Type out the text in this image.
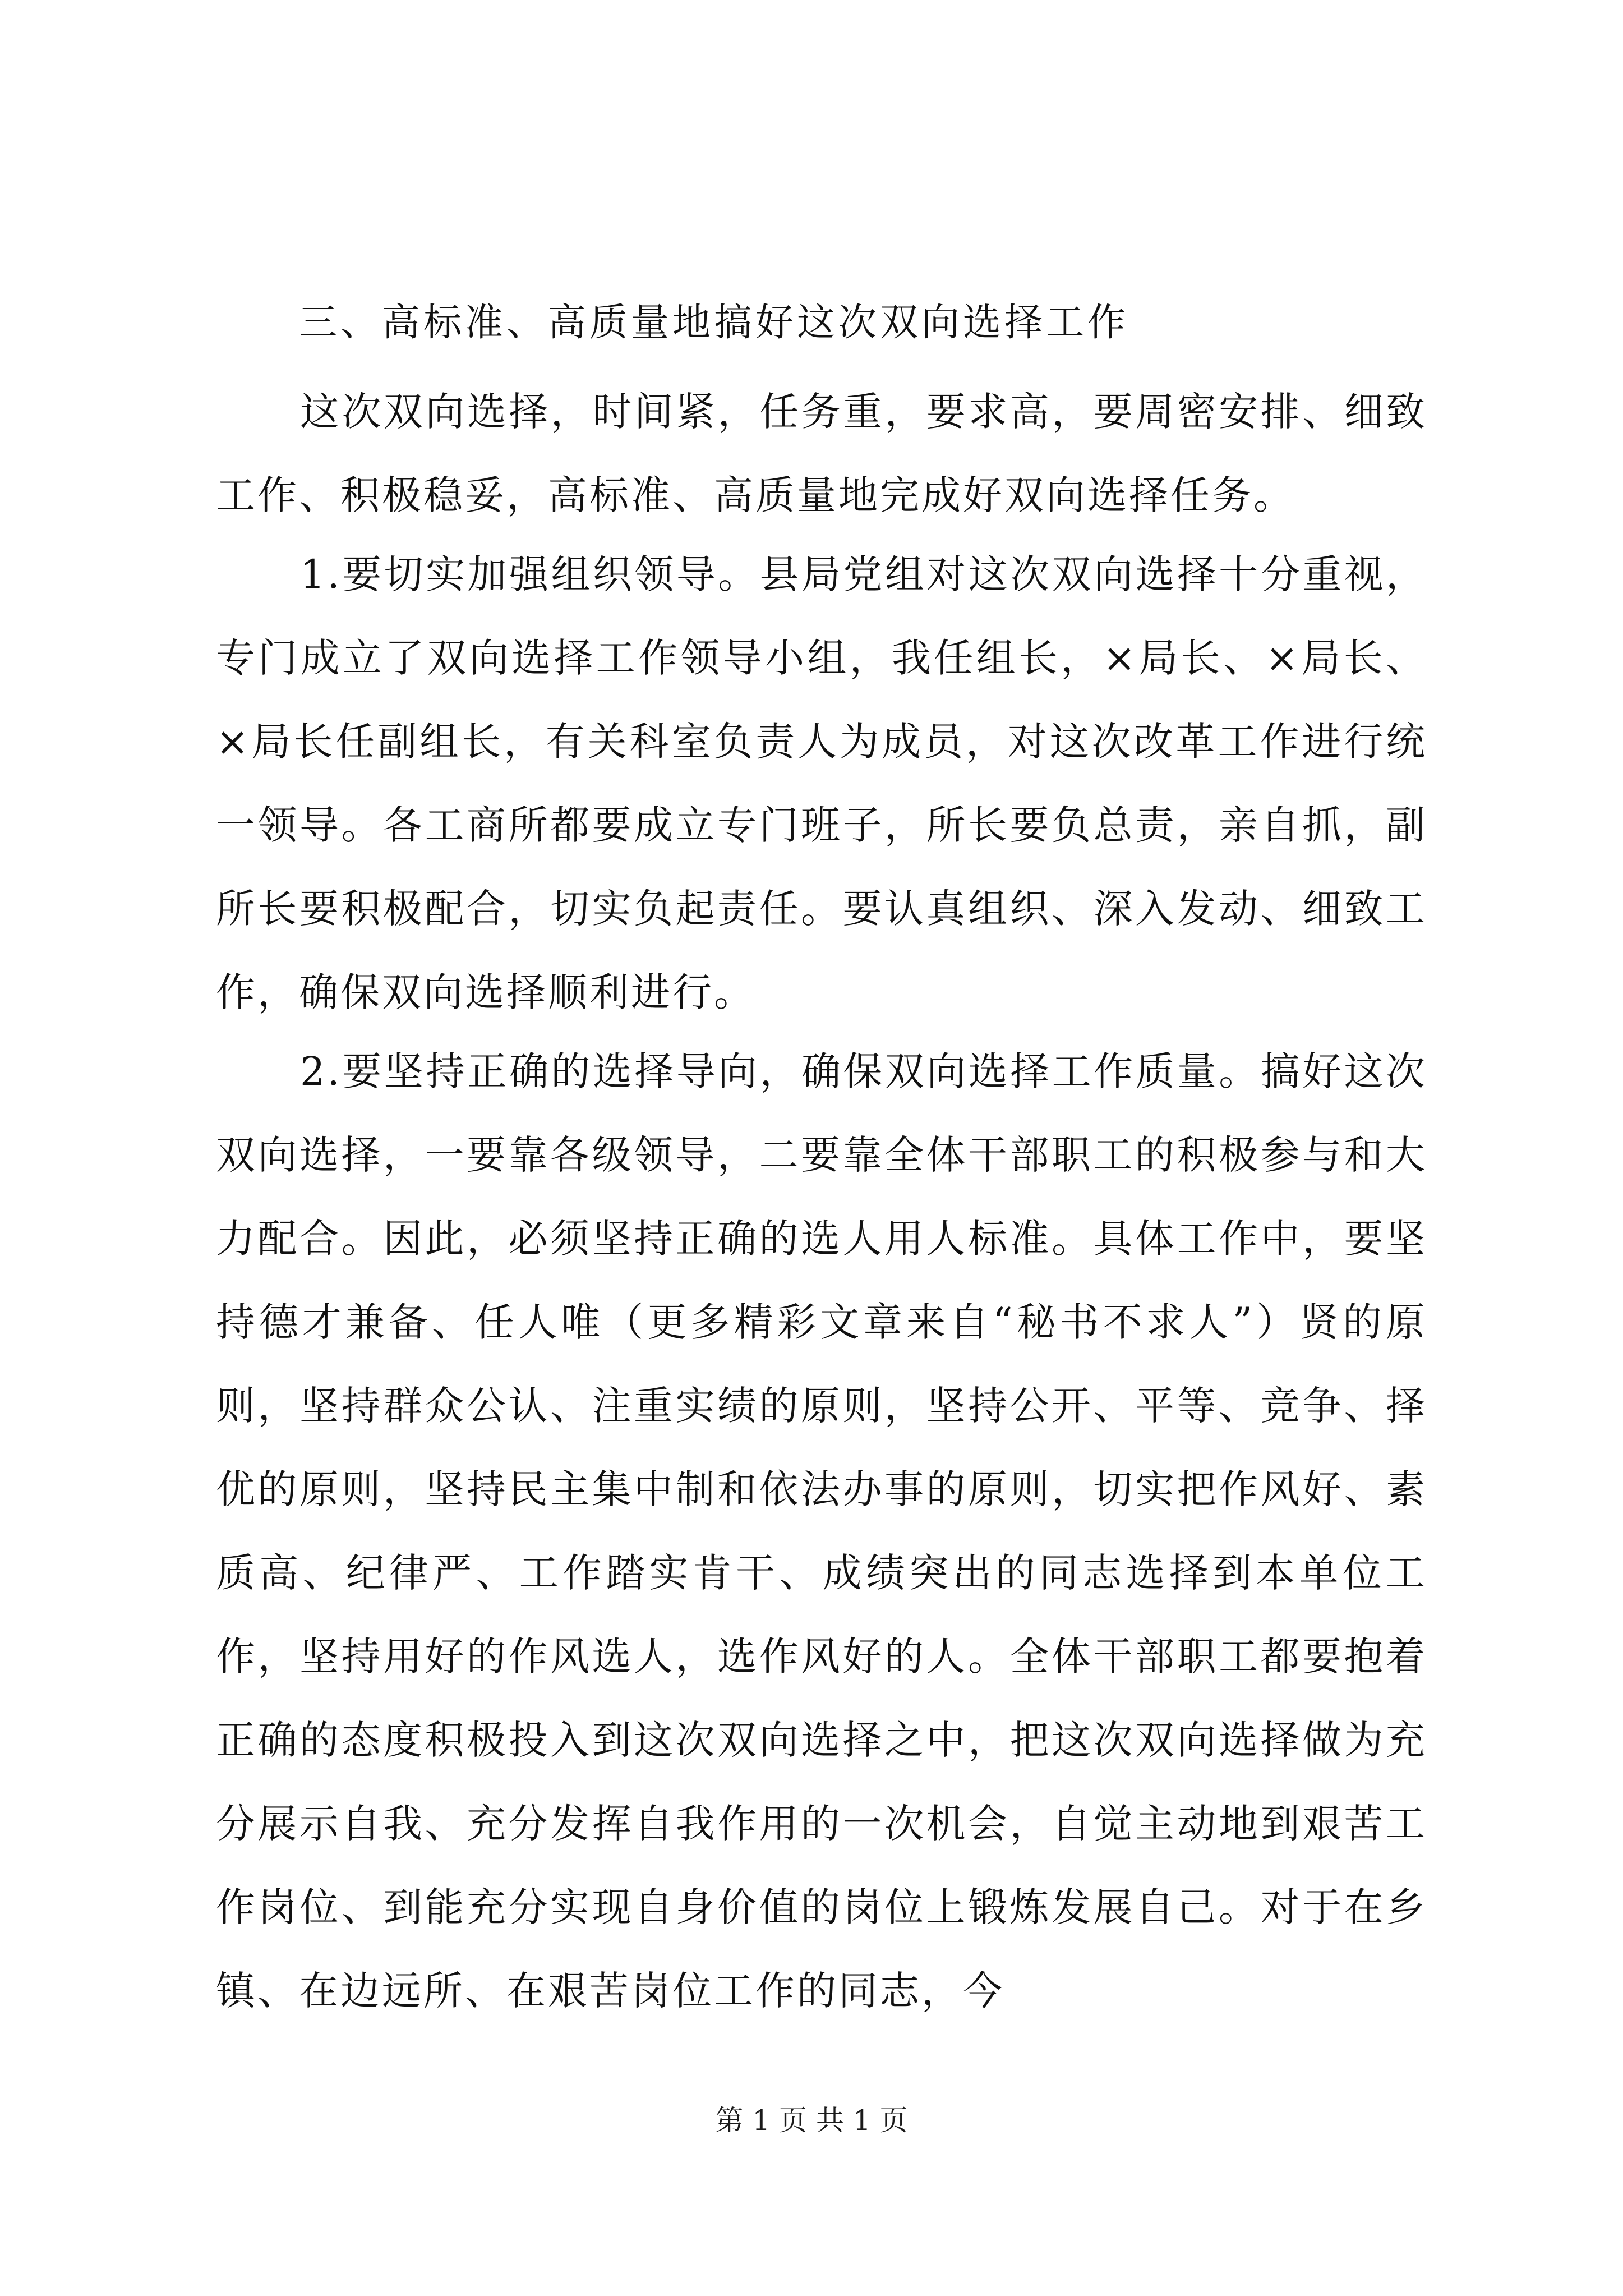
三、高标准、高质量地搞好这次双向选择工作

这次双向选择，时间紧，任务重，要求高，要周密安排、细致工作、积极稳妥，高标准、高质量地完成好双向选择任务。

1.要切实加强组织领导。县局党组对这次双向选择十分重视，专门成立了双向选择工作领导小组，我任组长，×局长、×局长、×局长任副组长，有关科室负责人为成员，对这次改革工作进行统一领导。各工商所都要成立专门班子，所长要负总责，亲自抓，副所长要积极配合，切实负起责任。要认真组织、深入发动、细致工作，确保双向选择顺利进行。

2.要坚持正确的选择导向，确保双向选择工作质量。搞好这次双向选择，一要靠各级领导，二要靠全体干部职工的积极参与和大力配合。因此，必须坚持正确的选人用人标准。具体工作中，要坚持德才兼备、任人唯（更多精彩文章来自“秘书不求人”）贤的原则，坚持群众公认、注重实绩的原则，坚持公开、平等、竞争、择优的原则，坚持民主集中制和依法办事的原则，切实把作风好、素质高、纪律严、工作踏实肯干、成绩突出的同志选择到本单位工作，坚持用好的作风选人，选作风好的人。全体干部职工都要抱着正确的态度积极投入到这次双向选择之中，把这次双向选择做为充分展示自我、充分发挥自我作用的一次机会，自觉主动地到艰苦工作岗位、到能充分实现自身价值的岗位上锻炼发展自己。对于在乡镇、在边远所、在艰苦岗位工作的同志，今

第 1 页 共 1 页
